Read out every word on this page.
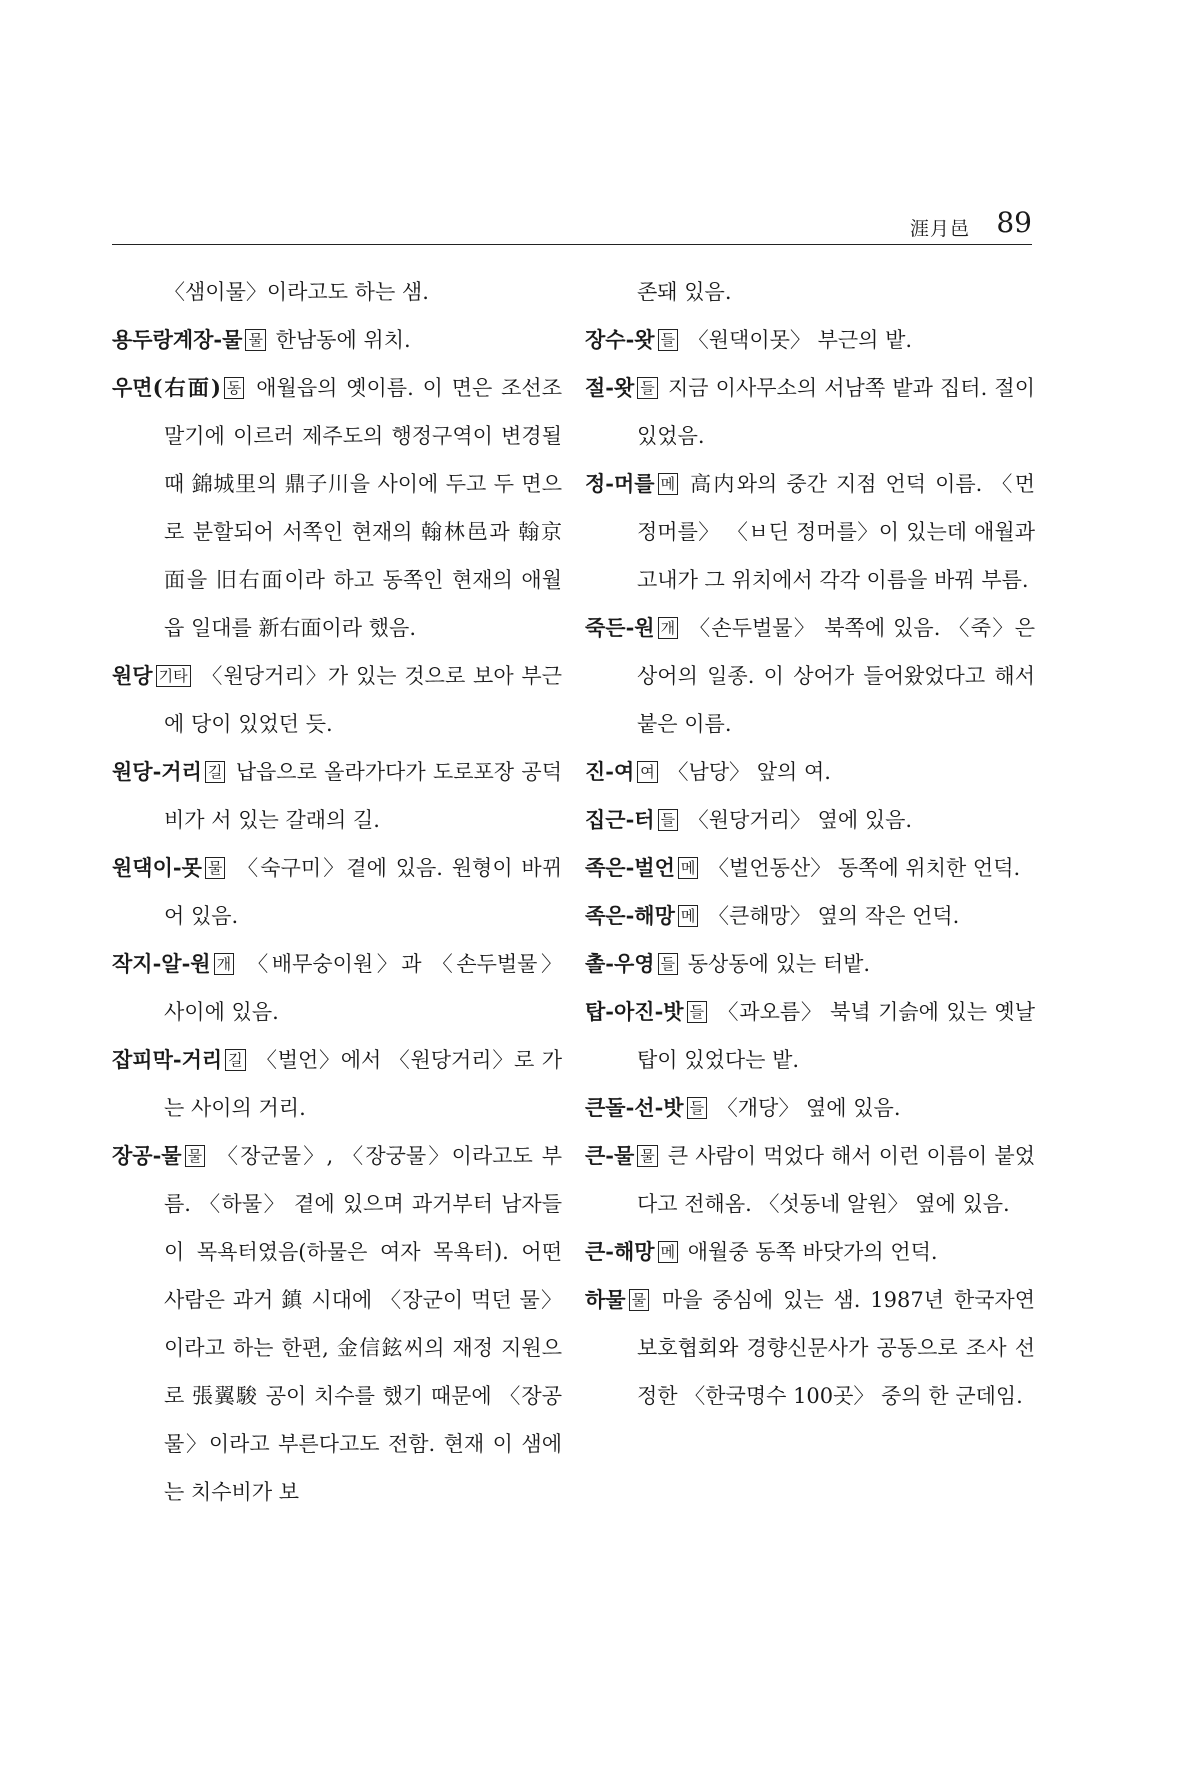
涯月邑 89
〈샘이물〉이라고도 하는 샘.
용두랑계장-물 물 한남동에 위치.
우면(右面) 동 애월읍의 옛이름. 이 면은 조선조 말기에 이르러 제주도의 행정구역이 변경될 때 錦城里의 鼎子川을 사이에 두고 두 면으로 분할되어 서쪽인 현재의 翰林邑과 翰京面을 旧右面이라 하고 동쪽인 현재의 애월읍 일대를 新右面이라 했음.
원당 기타 〈원당거리〉가 있는 것으로 보아 부근에 당이 있었던 듯.
원당-거리 길 납읍으로 올라가다가 도로포장 공덕비가 서 있는 갈래의 길.
원댁이-못 물 〈숙구미〉곁에 있음. 원형이 바뀌어 있음.
작지-알-원 개 〈배무숭이원〉과 〈손두벌물〉 사이에 있음.
잡피막-거리 길 〈벌언〉에서 〈원당거리〉로 가는 사이의 거리.
장공-물 물 〈장군물〉, 〈장궁물〉이라고도 부름. 〈하물〉 곁에 있으며 과거부터 남자들이 목욕터였음(하물은 여자 목욕터). 어떤 사람은 과거 鎮 시대에 〈장군이 먹던 물〉이라고 하는 한편, 金信鉉씨의 재정 지원으로 張翼駿 공이 치수를 했기 때문에 〈장공물〉이라고 부른다고도 전함. 현재 이 샘에는 치수비가 보
존돼 있음.
장수-왓 들 〈원댁이못〉 부근의 밭.
절-왓 들 지금 이사무소의 서남쪽 밭과 집터. 절이 있었음.
정-머를 메 高内와의 중간 지점 언덕 이름. 〈먼 정머를〉 〈ㅂ딘 정머를〉이 있는데 애월과 고내가 그 위치에서 각각 이름을 바꿔 부름.
죽든-원 개 〈손두벌물〉 북쪽에 있음. 〈죽〉은 상어의 일종. 이 상어가 들어왔었다고 해서 붙은 이름.
진-여 여 〈남당〉 앞의 여.
집근-터 들 〈원당거리〉 옆에 있음.
족은-벌언 메 〈벌언동산〉 동쪽에 위치한 언덕.
족은-해망 메 〈큰해망〉 옆의 작은 언덕.
촐-우영 들 동상동에 있는 터밭.
탑-아진-밧 들 〈과오름〉 북녘 기슭에 있는 옛날 탑이 있었다는 밭.
큰돌-선-밧 들 〈개당〉 옆에 있음.
큰-물 물 큰 사람이 먹었다 해서 이런 이름이 붙었다고 전해옴. 〈섯동네 알원〉 옆에 있음.
큰-해망 메 애월중 동쪽 바닷가의 언덕.
하물 물 마을 중심에 있는 샘. 1987년 한국자연보호협회와 경향신문사가 공동으로 조사 선정한 〈한국명수 100곳〉 중의 한 군데임.
